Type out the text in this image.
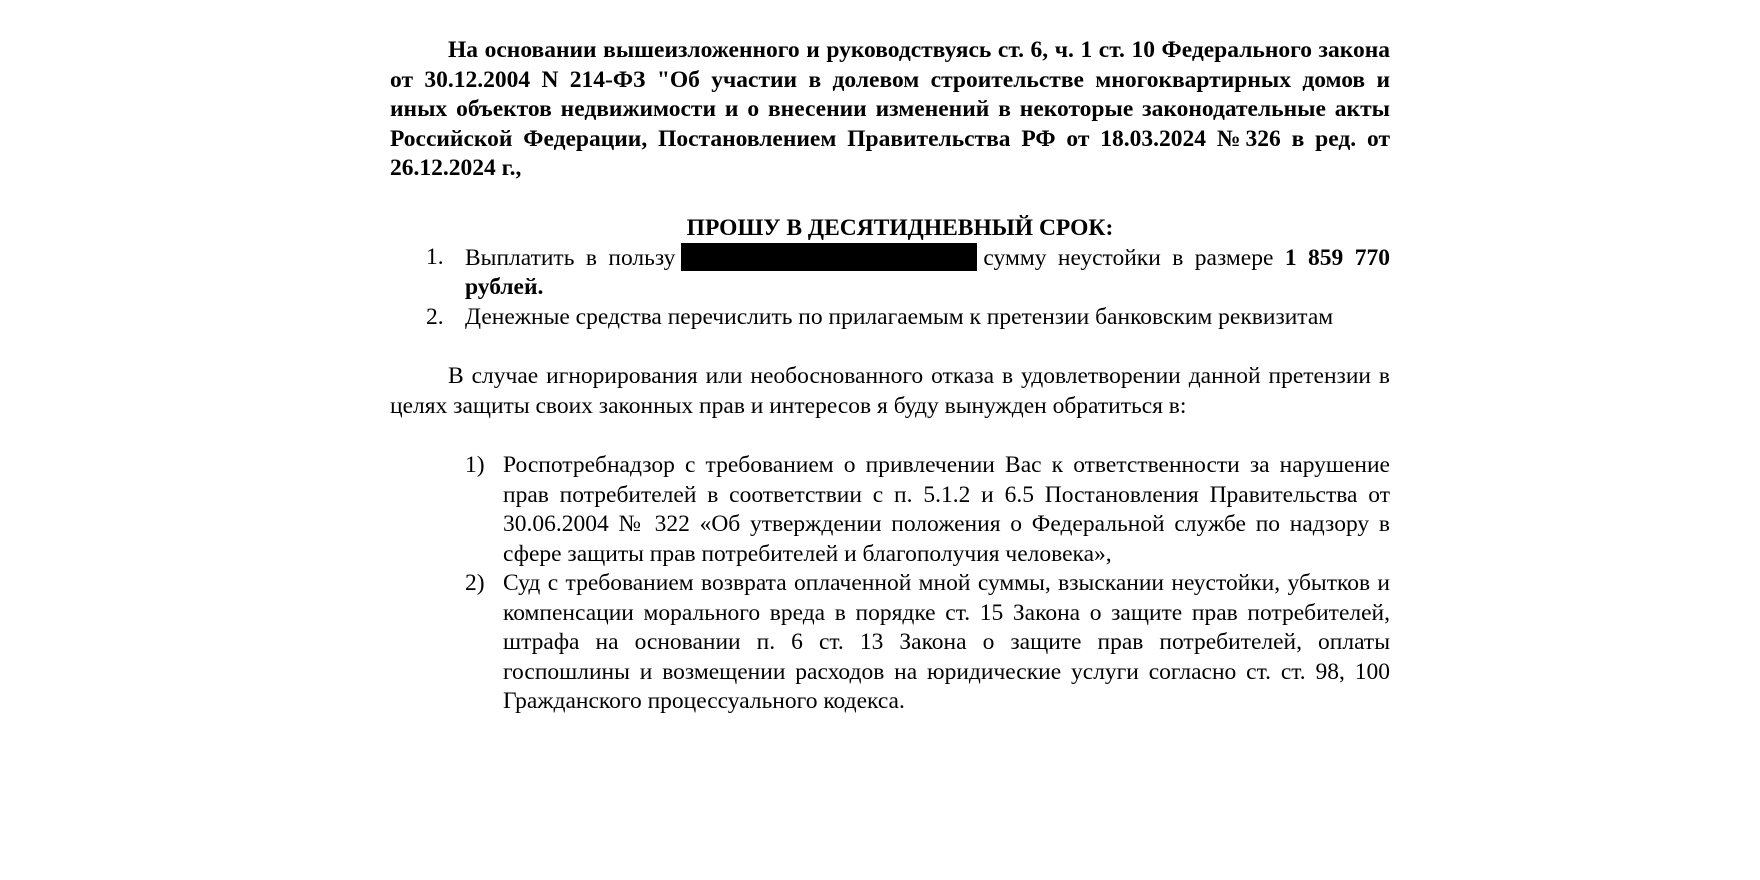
На основании вышеизложенного и руководствуясь ст. 6, ч. 1 ст. 10 Федерального закона от 30.12.2004 N 214-ФЗ "Об участии в долевом строительстве многоквартирных домов и иных объектов недвижимости и о внесении изменений в некоторые законодательные акты Российской Федерации, Постановлением Правительства РФ от 18.03.2024 №326 в ред. от 26.12.2024 г.,

ПРОШУ В ДЕСЯТИДНЕВНЫЙ СРОК:
1. Выплатить в пользу	сумму неустойки в размере 1 859 770 рублей.
2. Денежные средства перечислить по прилагаемым к претензии банковским реквизитам

В случае игнорирования или необоснованного отказа в удовлетворении данной претензии в целях защиты своих законных прав и интересов я буду вынужден обратиться в:

1) Роспотребнадзор с требованием о привлечении Вас к ответственности за нарушение прав потребителей в соответствии с п. 5.1.2 и 6.5 Постановления Правительства от 30.06.2004 № 322 «Об утверждении положения о Федеральной службе по надзору в сфере защиты прав потребителей и благополучия человека»,
2) Суд с требованием возврата оплаченной мной суммы, взыскании неустойки, убытков и компенсации морального вреда в порядке ст. 15 Закона о защите прав потребителей, штрафа на основании п. 6 ст. 13 Закона о защите прав потребителей, оплаты госпошлины и возмещении расходов на юридические услуги согласно ст. ст. 98, 100 Гражданского процессуального кодекса.
